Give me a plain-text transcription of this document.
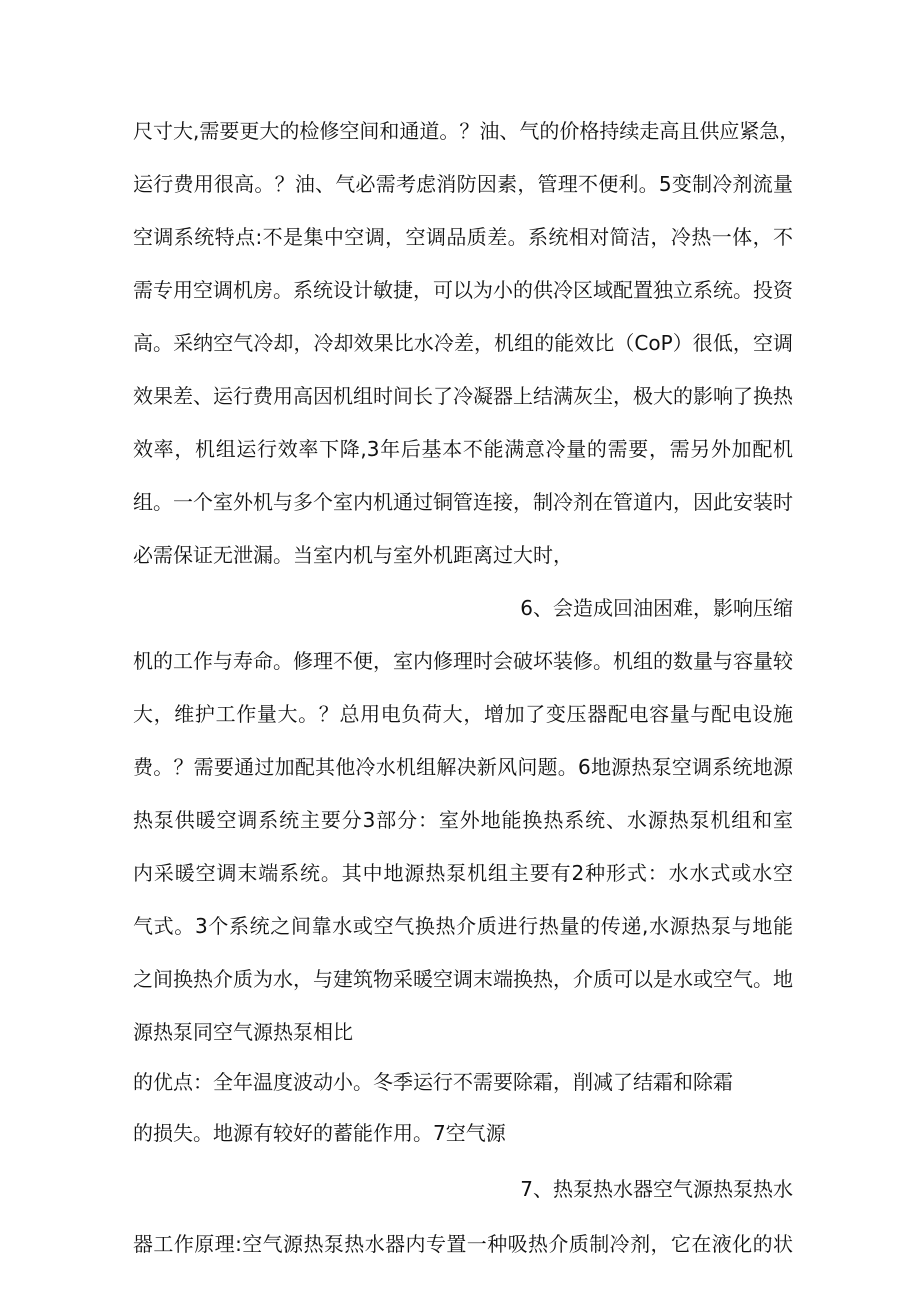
尺寸大,需要更大的检修空间和通道。？油、气的价格持续走高且供应紧急，
运行费用很高。？油、气必需考虑消防因素，管理不便利。5变制冷剂流量
空调系统特点:不是集中空调，空调品质差。系统相对简洁，冷热一体，不
需专用空调机房。系统设计敏捷，可以为小的供冷区域配置独立系统。投资
高。采纳空气冷却，冷却效果比水冷差，机组的能效比（CoP）很低，空调
效果差、运行费用高因机组时间长了冷凝器上结满灰尘，极大的影响了换热
效率，机组运行效率下降,3年后基本不能满意冷量的需要，需另外加配机
组。一个室外机与多个室内机通过铜管连接，制冷剂在管道内，因此安装时
必需保证无泄漏。当室内机与室外机距离过大时，
6、会造成回油困难，影响压缩
机的工作与寿命。修理不便，室内修理时会破坏装修。机组的数量与容量较
大，维护工作量大。？总用电负荷大，增加了变压器配电容量与配电设施
费。？需要通过加配其他冷水机组解决新风问题。6地源热泵空调系统地源
热泵供暖空调系统主要分3部分：室外地能换热系统、水源热泵机组和室
内采暖空调末端系统。其中地源热泵机组主要有2种形式：水水式或水空
气式。3个系统之间靠水或空气换热介质进行热量的传递,水源热泵与地能
之间换热介质为水，与建筑物采暖空调末端换热，介质可以是水或空气。地
源热泵同空气源热泵相比
的优点：全年温度波动小。冬季运行不需要除霜，削减了结霜和除霜
的损失。地源有较好的蓄能作用。7空气源
7、热泵热水器空气源热泵热水
器工作原理:空气源热泵热水器内专置一种吸热介质制冷剂，它在液化的状
